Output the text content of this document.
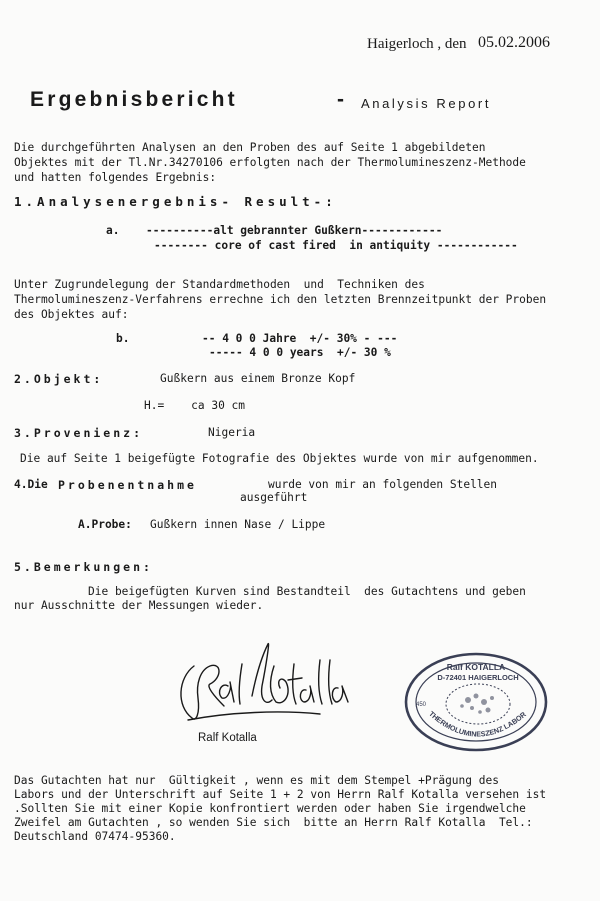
Haigerloch , den 05.02.2006
Ergebnisbericht	- Analysis Report
Die durchgeführten Analysen an den Proben des auf Seite 1 abgebildeten
Objektes mit der Tl.Nr.34270106 erfolgten nach der Thermolumineszenz-Methode
und hatten folgendes Ergebnis:
1.Analysenergebnis- Result-:
a. ----------alt gebrannter Gußkern------------
-------- core of cast fired  in antiquity ------------
Unter Zugrundelegung der Standardmethoden  und  Techniken des
Thermolumineszenz-Verfahrens errechne ich den letzten Brennzeitpunkt der Proben
des Objektes auf:
b.	-- 4 0 0 Jahre  +/- 30% - ---
----- 4 0 0 years  +/- 30 %
2.Objekt:	Gußkern aus einem Bronze Kopf
H.=    ca 30 cm
3.Provenienz:	Nigeria
Die auf Seite 1 beigefügte Fotografie des Objektes wurde von mir aufgenommen.
4.Die Probenentnahme	wurde von mir an folgenden Stellen
ausgeführt
A.Probe: Gußkern innen Nase / Lippe
5.Bemerkungen:
Die beigefügten Kurven sind Bestandteil  des Gutachtens und geben
nur Ausschnitte der Messungen wieder.
Ralf Kotalla
Ralf KOTALLA
D-72401 HAIGERLOCH
450
THERMOLUMINESZENZ LABOR
Das Gutachten hat nur  Gültigkeit , wenn es mit dem Stempel +Prägung des
Labors und der Unterschrift auf Seite 1 + 2 von Herrn Ralf Kotalla versehen ist
.Sollten Sie mit einer Kopie konfrontiert werden oder haben Sie irgendwelche
Zweifel am Gutachten , so wenden Sie sich  bitte an Herrn Ralf Kotalla  Tel.:
Deutschland 07474-95360.
